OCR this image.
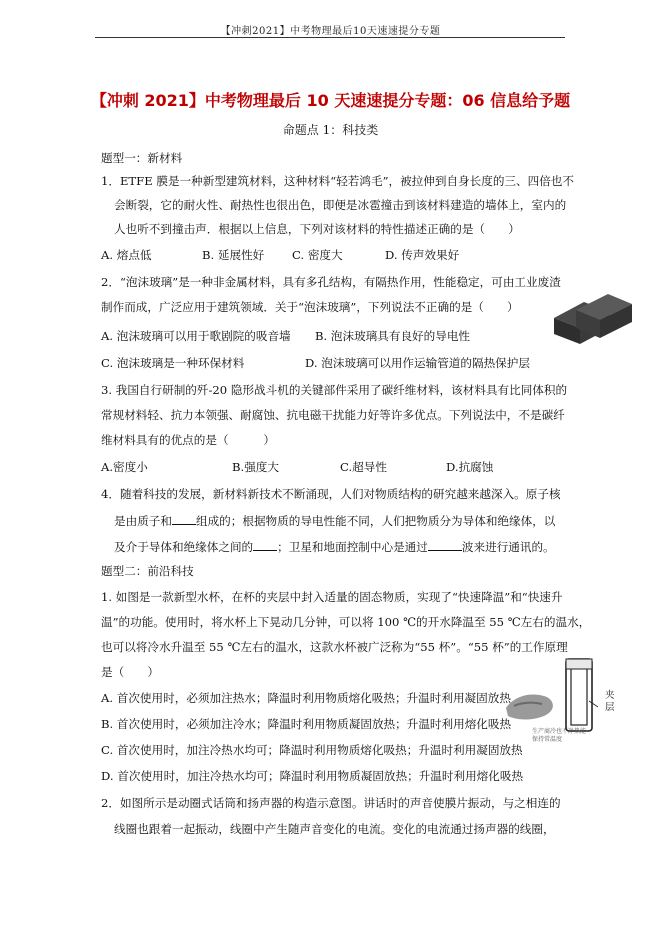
【冲刺2021】中考物理最后10天速速提分专题
【冲刺 2021】中考物理最后 10 天速速提分专题：06 信息给予题
命题点 1：科技类
题型一：新材料
1．ETFE 膜是一种新型建筑材料，这种材料“轻若鸿毛”，被拉伸到自身长度的三、四倍也不
会断裂，它的耐火性、耐热性也很出色，即便是冰雹撞击到该材料建造的墙体上，室内的
人也听不到撞击声．根据以上信息，下列对该材料的特性描述正确的是（　　）
A. 熔点低	B. 延展性好 C. 密度大	D. 传声效果好
2．“泡沫玻璃”是一种非金属材料，具有多孔结构，有隔热作用，性能稳定，可由工业废渣
制作而成，广泛应用于建筑领域．关于“泡沫玻璃”，下列说法不正确的是（　　）
A. 泡沫玻璃可以用于歌剧院的吸音墙 B. 泡沫玻璃具有良好的导电性
C. 泡沫玻璃是一种环保材料	D. 泡沫玻璃可以用作运输管道的隔热保护层
3. 我国自行研制的歼-20 隐形战斗机的关键部件采用了碳纤维材料，该材料具有比同体积的
常规材料轻、抗力本领强、耐腐蚀、抗电磁干扰能力好等许多优点。下列说法中，不是碳纤
维材料具有的优点的是（　　　）
A.密度小	B.强度大	C.超导性	D.抗腐蚀
4．随着科技的发展，新材料新技术不断涌现，人们对物质结构的研究越来越深入。原子核
是由质子和 组成的；根据物质的导电性能不同，人们把物质分为导体和绝缘体，以
及介于导体和绝缘体之间的 ；卫星和地面控制中心是通过	波来进行通讯的。
题型二：前沿科技
1. 如图是一款新型水杯，在杯的夹层中封入适量的固态物质，实现了“快速降温”和“快速升
温”的功能。使用时，将水杯上下晃动几分钟，可以将 100 ℃的开水降温至 55 ℃左右的温水，
也可以将冷水升温至 55 ℃左右的温水，这款水杯被广泛称为“55 杯”。“55 杯”的工作原理
是（　　）
A. 首次使用时，必须加注热水；降温时利用物质熔化吸热；升温时利用凝固放热
B. 首次使用时，必须加注冷水；降温时利用物质凝固放热；升温时利用熔化吸热
C. 首次使用时，加注冷热水均可；降温时利用物质熔化吸热；升温时利用凝固放热
D. 首次使用时，加注冷热水均可；降温时利用物质凝固放热；升温时利用熔化吸热
夹层
生产商冷也不净热能 保持常温度
2．如图所示是动圈式话筒和扬声器的构造示意图。讲话时的声音使膜片振动，与之相连的
线圈也跟着一起振动，线圈中产生随声音变化的电流。变化的电流通过扬声器的线圈，
